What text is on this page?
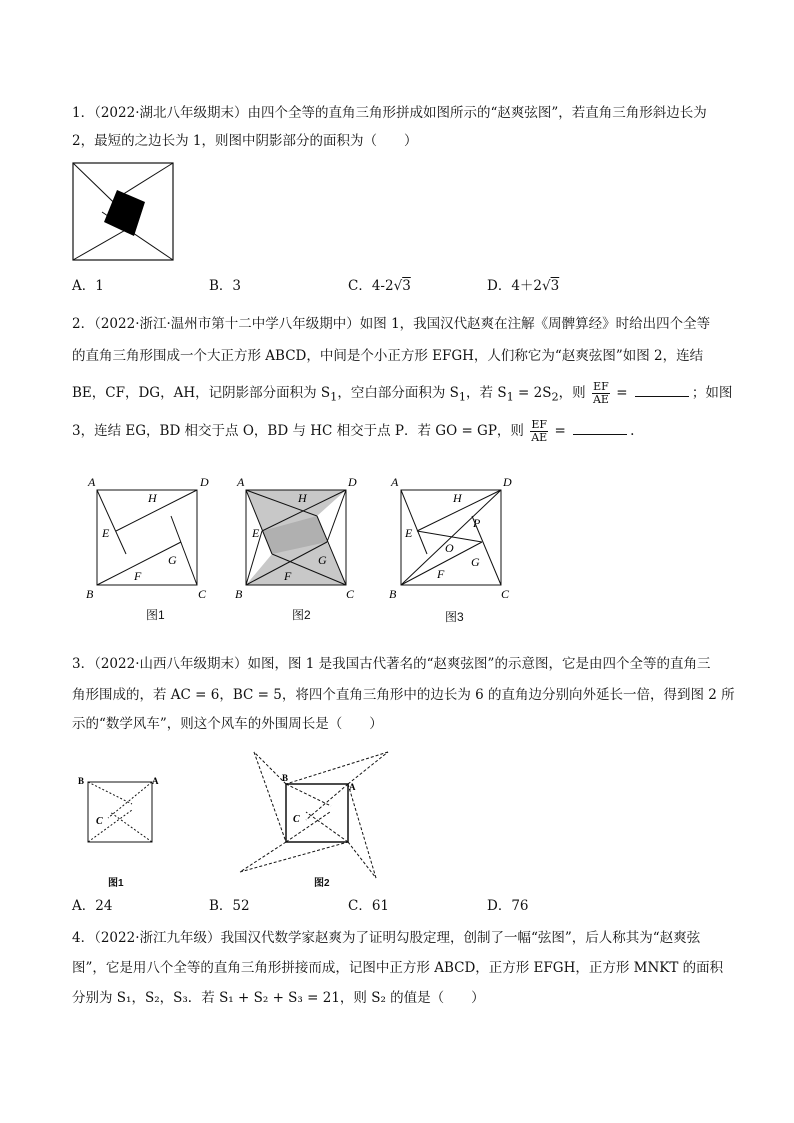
1．（2022·湖北八年级期末）由四个全等的直角三角形拼成如图所示的“赵爽弦图”，若直角三角形斜边长为
2，最短的之边长为 1，则图中阴影部分的面积为（　　）
A．1	B．3	C．4-2√3	D．4＋2√3
2．（2022·浙江·温州市第十二中学八年级期中）如图 1，我国汉代赵爽在注解《周髀算经》时给出四个全等
的直角三角形围成一个大正方形 ABCD，中间是个小正方形 EFGH，人们称它为“赵爽弦图”如图 2，连结
BE，CF，DG，AH，记阴影部分面积为 $S_1$，空白部分面积为 $S_1$，若 $S_1 = 2S_2$，则 $\frac{EF}{AE}$ =	；如图
3，连结 EG，BD 相交于点 O，BD 与 HC 相交于点 P．若 GO = GP，则 $\frac{EF}{AE}$ =	.
A	D
B	C
E
H
G
F
图1
A	D
B	C
E
H
G
F
图2
A	D
B	C
E
H
P
O
G
F
图3
3．（2022·山西八年级期末）如图，图 1 是我国古代著名的“赵爽弦图”的示意图，它是由四个全等的直角三
角形围成的，若 AC = 6，BC = 5，将四个直角三角形中的边长为 6 的直角边分别向外延长一倍，得到图 2 所
示的“数学风车”，则这个风车的外围周长是（　　）
B	A
C
图1
B
A
C
图2
A．24	B．52	C．61	D．76
4．（2022·浙江九年级）我国汉代数学家赵爽为了证明勾股定理，创制了一幅“弦图”，后人称其为“赵爽弦
图”，它是用八个全等的直角三角形拼接而成，记图中正方形 ABCD，正方形 EFGH，正方形 MNKT 的面积
分别为 S₁，S₂，S₃．若 S₁ + S₂ + S₃ = 21，则 S₂ 的值是（　　）
